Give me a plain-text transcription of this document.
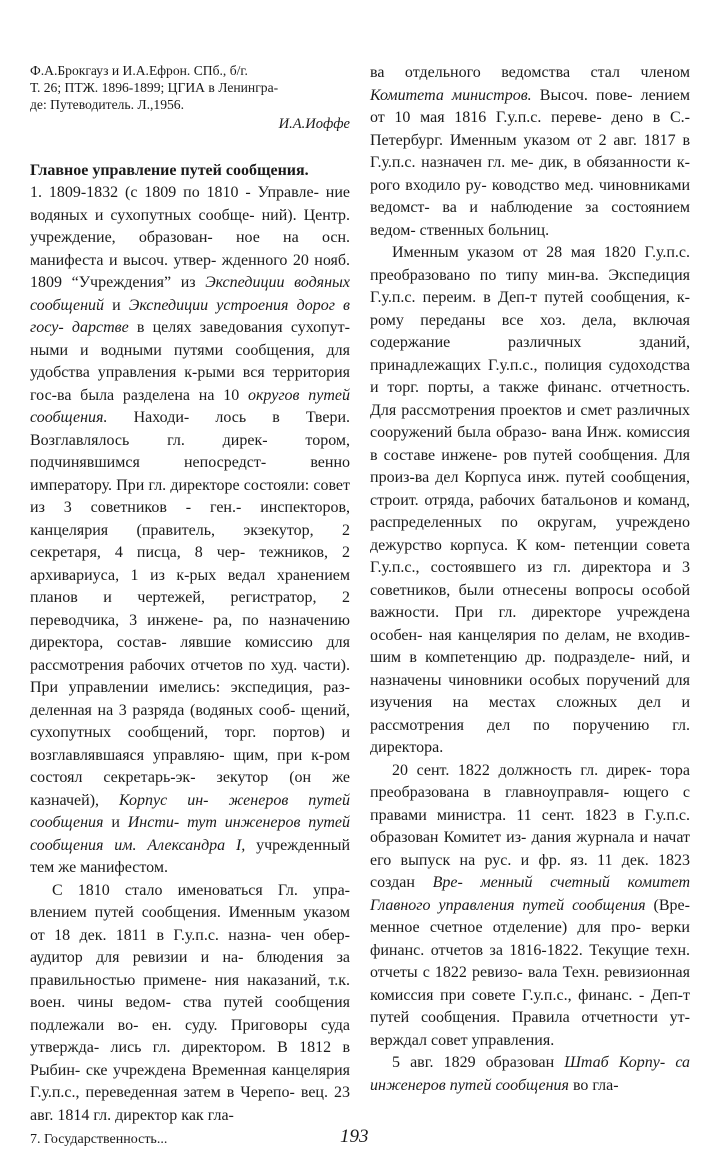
Ф.А.Брокгауз и И.А.Ефрон. СПб., б/г.
Т. 26; ПТЖ. 1896-1899; ЦГИА в Ленингра-
де: Путеводитель. Л.,1956.

И.А.Иоффе

Главное управление путей сообщения.
1. 1809-1832 (с 1809 по 1810 - Управле- ние водяных и сухопутных сообще- ний). Центр. учреждение, образован- ное на осн. манифеста и высоч. утвер- жденного 20 нояб. 1809 “Учреждения” из Экспедиции водяных сообщений и Экспедиции устроения дорог в госу- дарстве в целях заведования сухопут- ными и водными путями сообщения, для удобства управления к-рыми вся территория гос-ва была разделена на 10 округов путей сообщения. Находи- лось в Твери. Возглавлялось гл. дирек- тором, подчинявшимся непосредст-	венно императору. При гл. директоре состояли: совет из 3 советников - ген.- инспекторов, канцелярия (правитель, экзекутор, 2 секретаря, 4 писца, 8 чер- тежников, 2 архивариуса, 1 из к-рых ведал хранением планов и чертежей, регистратор, 2 переводчика, 3 инжене- ра, по назначению директора, состав- лявшие комиссию для рассмотрения рабочих отчетов по худ. части). При управлении имелись: экспедиция, раз- деленная на 3 разряда (водяных сооб- щений, сухопутных сообщений, торг. портов) и возглавлявшаяся управляю- щим, при к-ром состоял секретарь-эк- зекутор (он же казначей), Корпус ин- женеров путей сообщения и Инсти- тут инженеров путей сообщения им. Александра I, учрежденный тем же манифестом.

С 1810 стало именоваться Гл. упра- влением путей сообщения. Именным указом от 18 дек. 1811 в Г.у.п.с. назна- чен обер-аудитор для ревизии и на- блюдения за правильностью примене- ния наказаний, т.к. воен. чины ведом- ства путей сообщения подлежали во- ен. суду. Приговоры суда утвержда- лись гл. директором. В 1812 в Рыбин- ске учреждена Временная канцелярия Г.у.п.с., переведенная затем в Черепо- вец. 23 авг. 1814 гл. директор как гла-

ва отдельного ведомства стал членом Комитета министров. Высоч. пове- лением от 10 мая 1816 Г.у.п.с. переве- дено в С.-Петербург. Именным указом от 2 авг. 1817 в Г.у.п.с. назначен гл. ме- дик, в обязанности к-рого входило ру- ководство мед. чиновниками ведомст- ва и наблюдение за состоянием ведом- ственных больниц.

Именным указом от 28 мая 1820 Г.у.п.с. преобразовано по типу мин-ва. Экспедиция Г.у.п.с. переим. в Деп-т путей сообщения, к-рому переданы все хоз. дела, включая содержание	различных зданий, принадлежащих Г.у.п.с., полиция судоходства и торг. порты, а также финанс. отчетность. Для рассмотрения проектов и смет различных сооружений была образо- вана Инж. комиссия в составе инжене- ров путей сообщения. Для произ-ва дел Корпуса инж. путей сообщения, строит. отряда, рабочих батальонов и команд, распределенных по округам, учреждено дежурство корпуса. К ком- петенции совета Г.у.п.с., состоявшего из гл. директора и 3 советников, были отнесены вопросы особой важности. При гл. директоре учреждена особен- ная канцелярия по делам, не входив- шим в компетенцию др. подразделе- ний, и назначены чиновники особых поручений для изучения на местах сложных дел и рассмотрения дел по поручению гл. директора.

20 сент. 1822 должность гл. дирек- тора преобразована в главноуправля- ющего с правами министра. 11 сент. 1823 в Г.у.п.с. образован Комитет из- дания журнала и начат его выпуск на рус. и фр. яз. 11 дек. 1823 создан Вре- менный счетный комитет Главного управления путей сообщения (Вре- менное счетное отделение) для про- верки финанс. отчетов за 1816-1822. Текущие техн. отчеты с 1822 ревизо- вала Техн. ревизионная комиссия при совете Г.у.п.с., финанс. - Деп-т путей сообщения. Правила отчетности ут- верждал совет управления.

5 авг. 1829 образован Штаб Корпу- са инженеров путей сообщения во гла-

7. Государственность...	193
